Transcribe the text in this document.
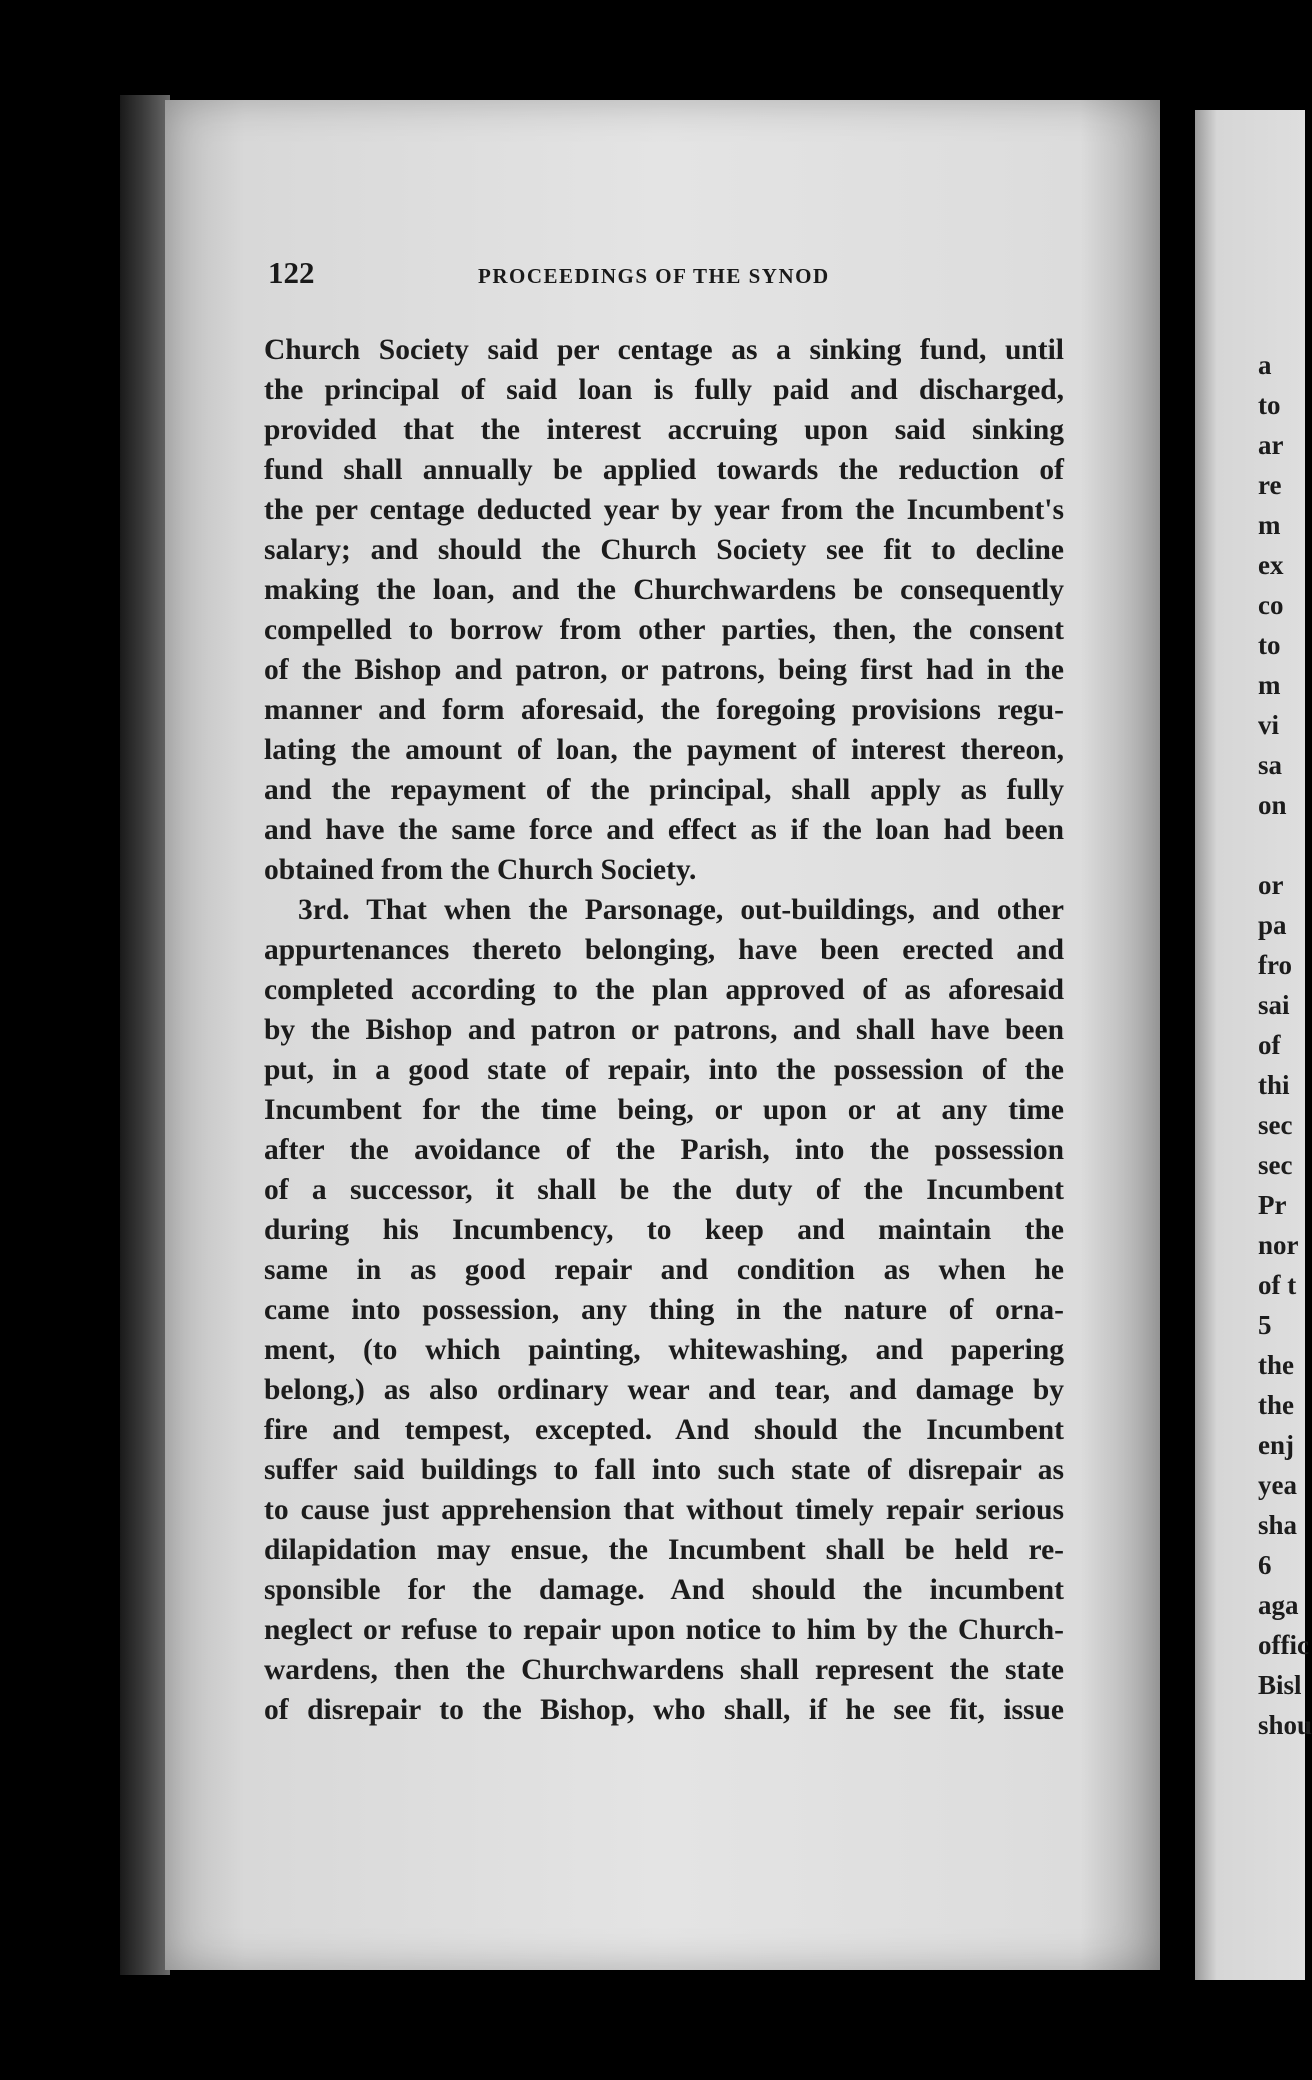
122	PROCEEDINGS OF THE SYNOD
Church Society said per centage as a sinking fund, until
the principal of said loan is fully paid and discharged,
provided that the interest accruing upon said sinking
fund shall annually be applied towards the reduction of
the per centage deducted year by year from the Incumbent's
salary; and should the Church Society see fit to decline
making the loan, and the Churchwardens be consequently
compelled to borrow from other parties, then, the consent
of the Bishop and patron, or patrons, being first had in the
manner and form aforesaid, the foregoing provisions regu-
lating the amount of loan, the payment of interest thereon,
and the repayment of the principal, shall apply as fully
and have the same force and effect as if the loan had been
obtained from the Church Society.
3rd. That when the Parsonage, out-buildings, and other
appurtenances thereto belonging, have been erected and
completed according to the plan approved of as aforesaid
by the Bishop and patron or patrons, and shall have been
put, in a good state of repair, into the possession of the
Incumbent for the time being, or upon or at any time
after the avoidance of the Parish, into the possession
of a successor, it shall be the duty of the Incumbent
during his Incumbency, to keep and maintain the
same in as good repair and condition as when he
came into possession, any thing in the nature of orna-
ment, (to which painting, whitewashing, and papering
belong,) as also ordinary wear and tear, and damage by
fire and tempest, excepted. And should the Incumbent
suffer said buildings to fall into such state of disrepair as
to cause just apprehension that without timely repair serious
dilapidation may ensue, the Incumbent shall be held re-
sponsible for the damage. And should the incumbent
neglect or refuse to repair upon notice to him by the Church-
wardens, then the Churchwardens shall represent the state
of disrepair to the Bishop, who shall, if he see fit, issue
a
to
ar
re
m
ex
co
to
m
vi
sa
on
or
pa
fro
sai
of
thi
sec
sec
Pr
nor
of t
5
the
the
enj
yea
sha
6
aga
offic
Bisl
shou
